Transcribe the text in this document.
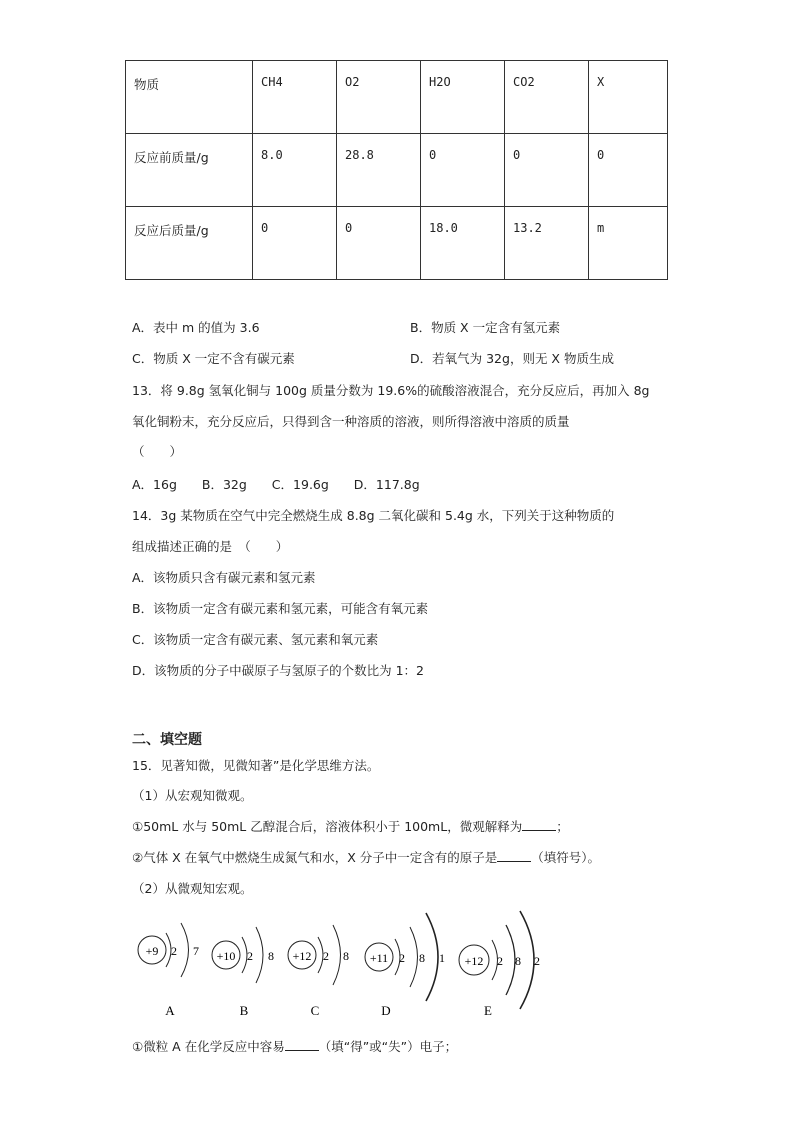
物质	CH4	O2	H2O	CO2	X
反应前质量/g	8.0	28.8	0	0	0
反应后质量/g	0	0	18.0	13.2	m
A．表中 m 的值为 3.6	B．物质 X 一定含有氢元素
C．物质 X 一定不含有碳元素	D．若氧气为 32g，则无 X 物质生成
13．将 9.8g 氢氧化铜与 100g 质量分数为 19.6%的硫酸溶液混合，充分反应后，再加入 8g
氧化铜粉末，充分反应后，只得到含一种溶质的溶液，则所得溶液中溶质的质量
（　　）
A．16g　　B．32g　　C．19.6g　　D．117.8g
14．3g 某物质在空气中完全燃烧生成 8.8g 二氧化碳和 5.4g 水，下列关于这种物质的
组成描述正确的是　（　　）
A．该物质只含有碳元素和氢元素
B．该物质一定含有碳元素和氢元素，可能含有氧元素
C．该物质一定含有碳元素、氢元素和氧元素
D．该物质的分子中碳原子与氢原子的个数比为 1：2
二、填空题
15．见著知微，见微知著”是化学思维方法。
（1）从宏观知微观。
①50mL 水与 50mL 乙醇混合后，溶液体积小于 100mL，微观解释为	；
②气体 X 在氧气中燃烧生成氮气和水，X 分子中一定含有的原子是	（填符号）。
（2）从微观知宏观。
+9 2 7
A
+10 2 8
B
+12 2 8
C
+11 2 8 1
D
+12 2 8 2
E
①微粒 A 在化学反应中容易	（填“得”或“失”）电子；
